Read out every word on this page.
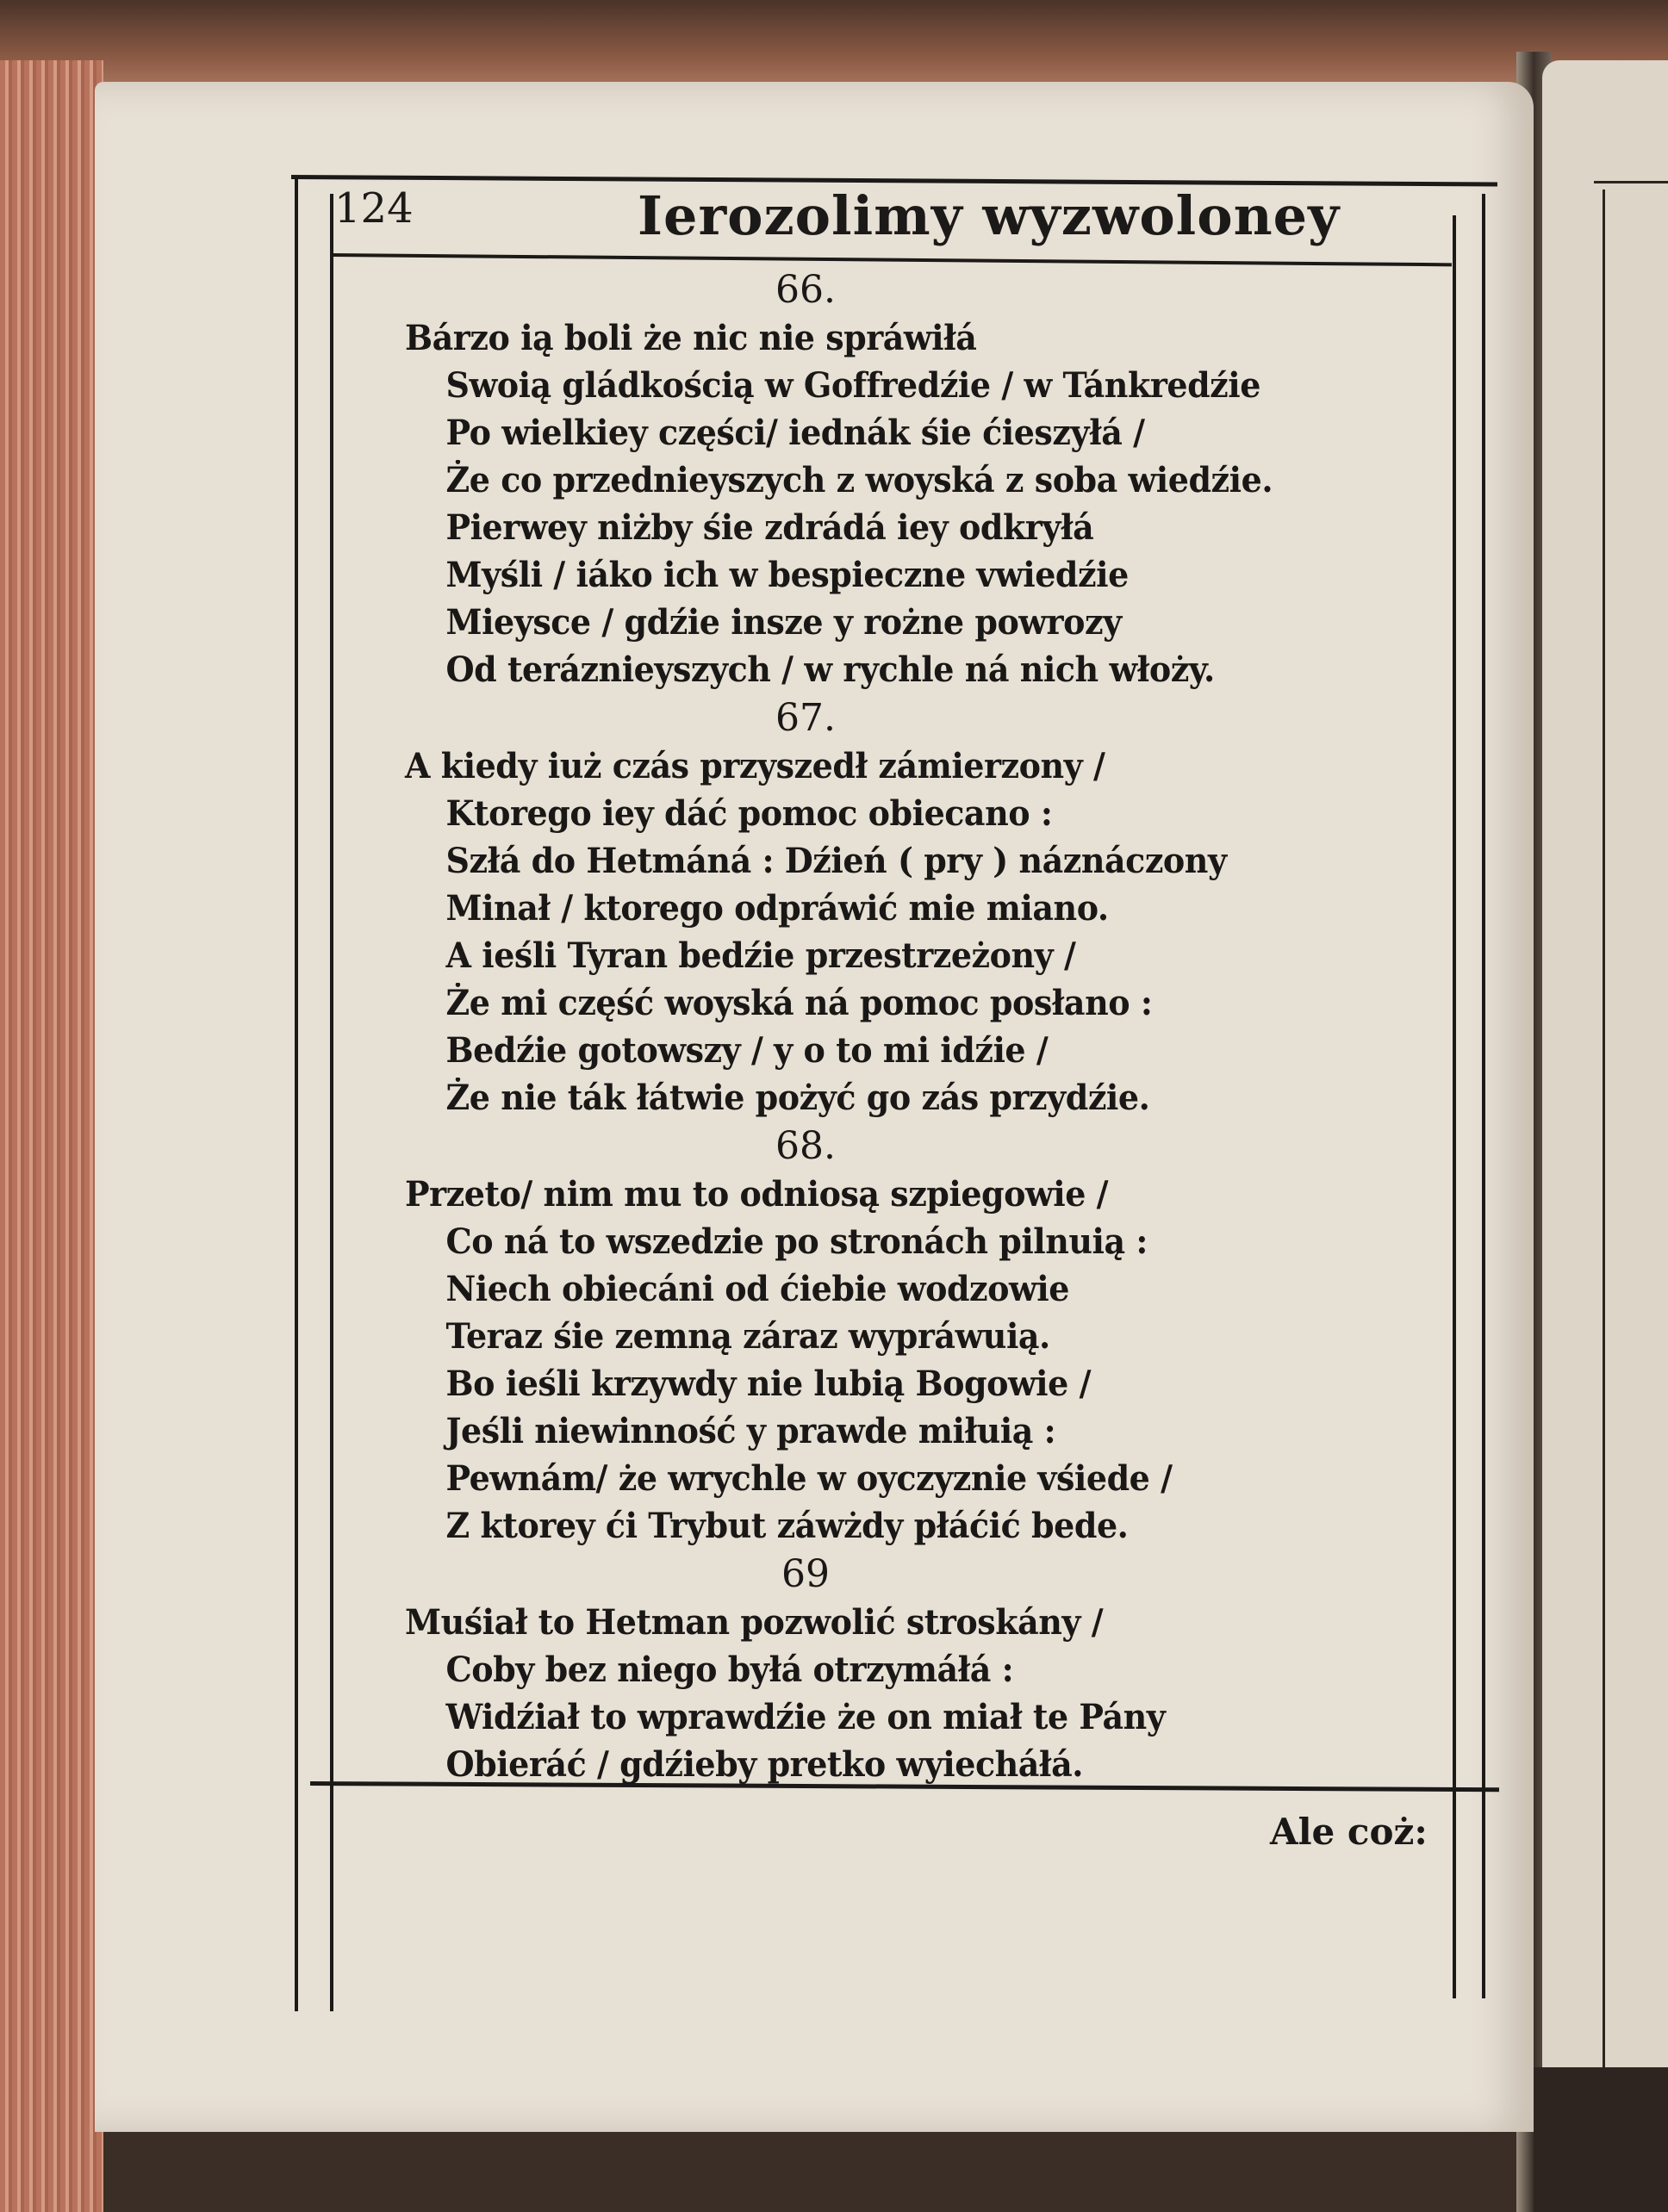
124	Ierozolimy wyzwoloney
66.
Bárzo ią boli że nic nie spráwiłá
Swoią gládkością w Goffredźie / w Tánkredźie
Po wielkiey części/ iednák śie ćieszyłá /
Że co przednieyszych z woyská z soba wiedźie.
Pierwey niżby śie zdrádá iey odkryłá
Myśli / iáko ich w bespieczne vwiedźie
Mieysce / gdźie insze y rożne powrozy
Od teráznieyszych / w rychle ná nich włoży.
67.
A kiedy iuż czás przyszedł zámierzony /
Ktorego iey dáć pomoc obiecano :
Szłá do Hetmáná : Dźień ( pry ) náznáczony
Minał / ktorego odpráwić mie miano.
A ieśli Tyran bedźie przestrzeżony /
Że mi część woyská ná pomoc posłano :
Bedźie gotowszy / y o to mi idźie /
Że nie ták łátwie pożyć go zás przydźie.
68.
Przeto/ nim mu to odniosą szpiegowie /
Co ná to wszedzie po stronách pilnuią :
Niech obiecáni od ćiebie wodzowie
Teraz śie zemną záraz wypráwuią.
Bo ieśli krzywdy nie lubią Bogowie /
Jeśli niewinność y prawde miłuią :
Pewnám/ że wrychle w oyczyznie vśiede /
Z ktorey ći Trybut záwżdy płáćić bede.
69
Muśiał to Hetman pozwolić stroskány /
Coby bez niego byłá otrzymáłá :
Widźiał to wprawdźie że on miał te Pány
Obieráć / gdźieby pretko wyiecháłá.
Ale coż:
